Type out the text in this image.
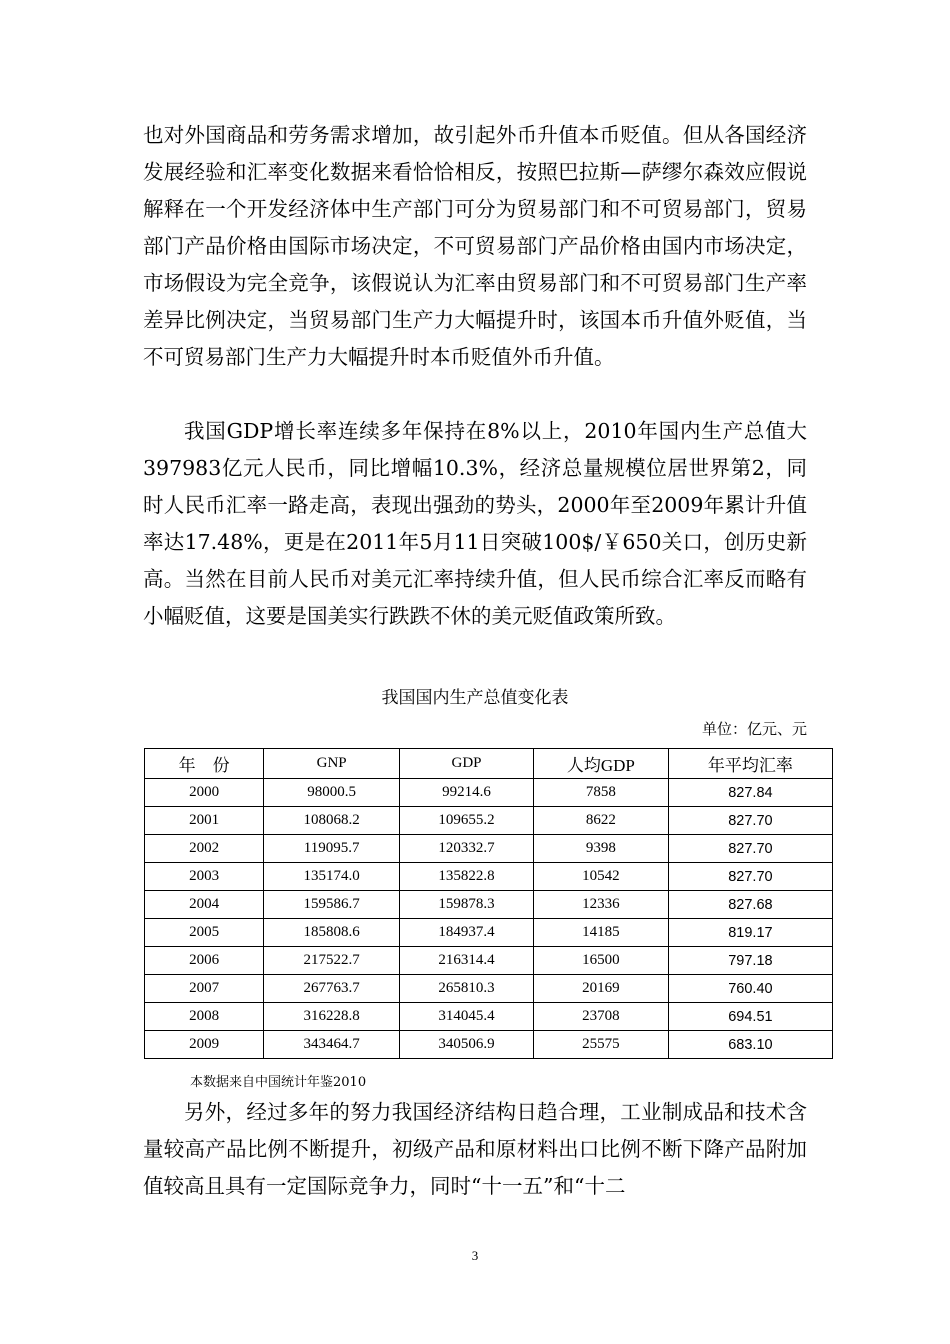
也对外国商品和劳务需求增加，故引起外币升值本币贬值。但从各国经济发展经验和汇率变化数据来看恰恰相反，按照巴拉斯—萨缪尔森效应假说解释在一个开发经济体中生产部门可分为贸易部门和不可贸易部门，贸易部门产品价格由国际市场决定，不可贸易部门产品价格由国内市场决定，市场假设为完全竞争，该假说认为汇率由贸易部门和不可贸易部门生产率差异比例决定，当贸易部门生产力大幅提升时，该国本币升值外贬值，当不可贸易部门生产力大幅提升时本币贬值外币升值。

我国GDP增长率连续多年保持在8%以上，2010年国内生产总值大397983亿元人民币，同比增幅10.3%，经济总量规模位居世界第2，同时人民币汇率一路走高，表现出强劲的势头，2000年至2009年累计升值率达17.48%，更是在2011年5月11日突破100$/￥650关口，创历史新高。当然在目前人民币对美元汇率持续升值，但人民币综合汇率反而略有小幅贬值，这要是国美实行跌跌不休的美元贬值政策所致。

我国国内生产总值变化表

单位：亿元、元

年　份	GNP	GDP	人均GDP	年平均汇率
2000	98000.5	99214.6	7858	827.84
2001	108068.2	109655.2	8622	827.70
2002	119095.7	120332.7	9398	827.70
2003	135174.0	135822.8	10542	827.70
2004	159586.7	159878.3	12336	827.68
2005	185808.6	184937.4	14185	819.17
2006	217522.7	216314.4	16500	797.18
2007	267763.7	265810.3	20169	760.40
2008	316228.8	314045.4	23708	694.51
2009	343464.7	340506.9	25575	683.10

本数据来自中国统计年鉴2010

另外，经过多年的努力我国经济结构日趋合理，工业制成品和技术含量较高产品比例不断提升，初级产品和原材料出口比例不断下降产品附加值较高且具有一定国际竞争力，同时“十一五”和“十二

3
